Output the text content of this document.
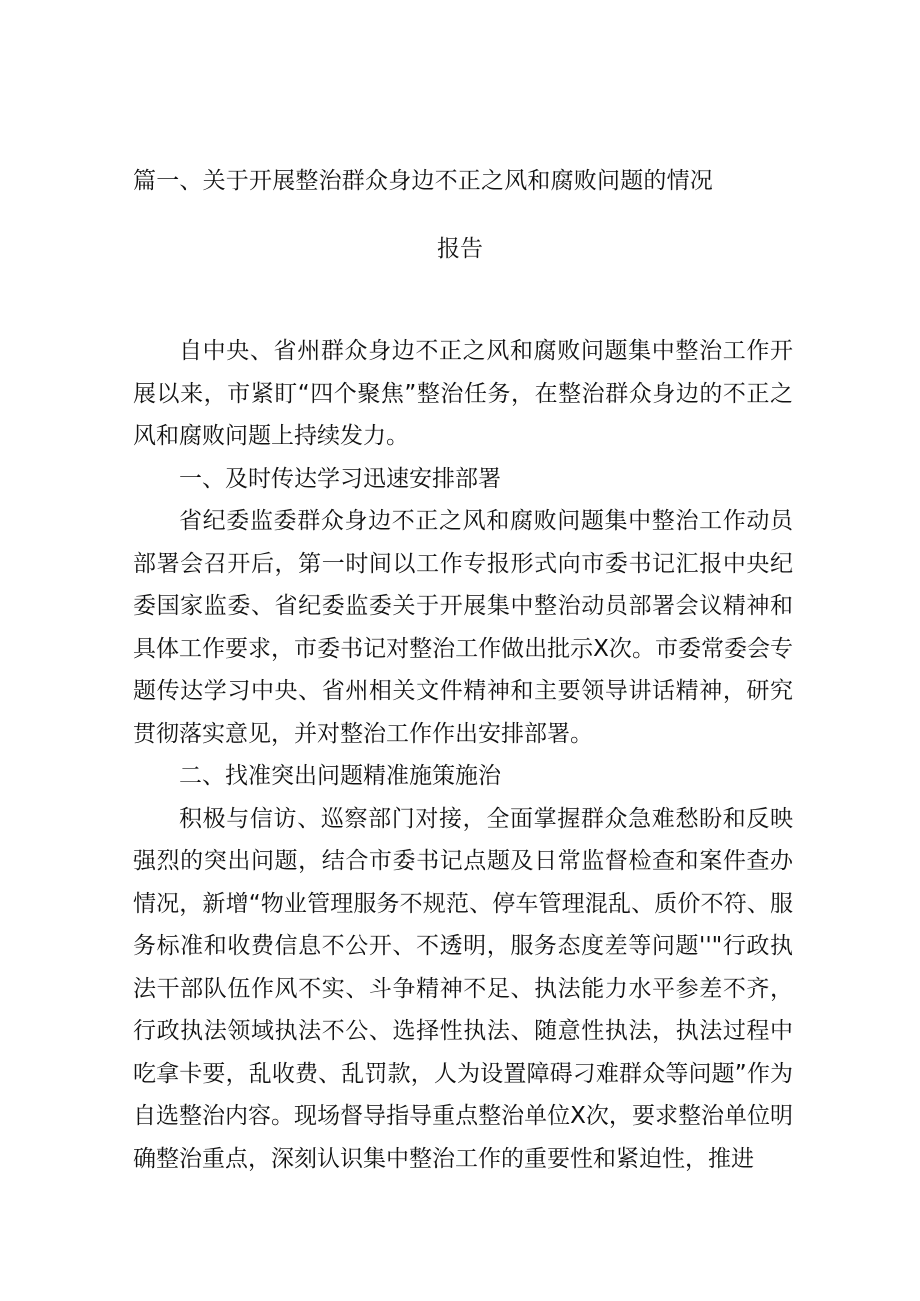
篇一、关于开展整治群众身边不正之风和腐败问题的情况
报告

自中央、省州群众身边不正之风和腐败问题集中整治工作开展以来，市紧盯“四个聚焦”整治任务，在整治群众身边的不正之风和腐败问题上持续发力。

一、及时传达学习迅速安排部署

省纪委监委群众身边不正之风和腐败问题集中整治工作动员部署会召开后，第一时间以工作专报形式向市委书记汇报中央纪委国家监委、省纪委监委关于开展集中整治动员部署会议精神和具体工作要求，市委书记对整治工作做出批示X次。市委常委会专题传达学习中央、省州相关文件精神和主要领导讲话精神，研究贯彻落实意见，并对整治工作作出安排部署。

二、找准突出问题精准施策施治

积极与信访、巡察部门对接，全面掌握群众急难愁盼和反映强烈的突出问题，结合市委书记点题及日常监督检查和案件查办情况，新增“物业管理服务不规范、停车管理混乱、质价不符、服务标准和收费信息不公开、不透明，服务态度差等问题''"行政执法干部队伍作风不实、斗争精神不足、执法能力水平参差不齐，行政执法领域执法不公、选择性执法、随意性执法，执法过程中吃拿卡要，乱收费、乱罚款，人为设置障碍刁难群众等问题”作为自选整治内容。现场督导指导重点整治单位X次，要求整治单位明确整治重点，深刻认识集中整治工作的重要性和紧迫性，推进
